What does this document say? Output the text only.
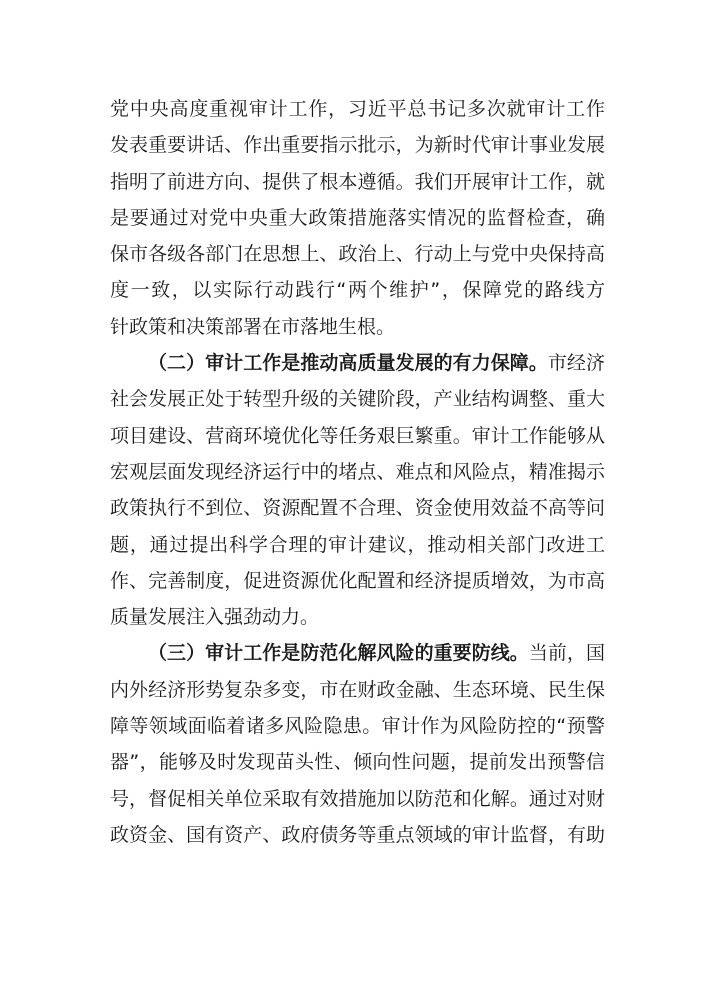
党中央高度重视审计工作，习近平总书记多次就审计工作
发表重要讲话、作出重要指示批示，为新时代审计事业发展
指明了前进方向、提供了根本遵循。我们开展审计工作，就
是要通过对党中央重大政策措施落实情况的监督检查，确
保市各级各部门在思想上、政治上、行动上与党中央保持高
度一致，以实际行动践行“两个维护”，保障党的路线方
针政策和决策部署在市落地生根。
（二）审计工作是推动高质量发展的有力保障。市经济
社会发展正处于转型升级的关键阶段，产业结构调整、重大
项目建设、营商环境优化等任务艰巨繁重。审计工作能够从
宏观层面发现经济运行中的堵点、难点和风险点，精准揭示
政策执行不到位、资源配置不合理、资金使用效益不高等问
题，通过提出科学合理的审计建议，推动相关部门改进工
作、完善制度，促进资源优化配置和经济提质增效，为市高
质量发展注入强劲动力。
（三）审计工作是防范化解风险的重要防线。当前，国
内外经济形势复杂多变，市在财政金融、生态环境、民生保
障等领域面临着诸多风险隐患。审计作为风险防控的“预警
器”，能够及时发现苗头性、倾向性问题，提前发出预警信
号，督促相关单位采取有效措施加以防范和化解。通过对财
政资金、国有资产、政府债务等重点领域的审计监督，有助
